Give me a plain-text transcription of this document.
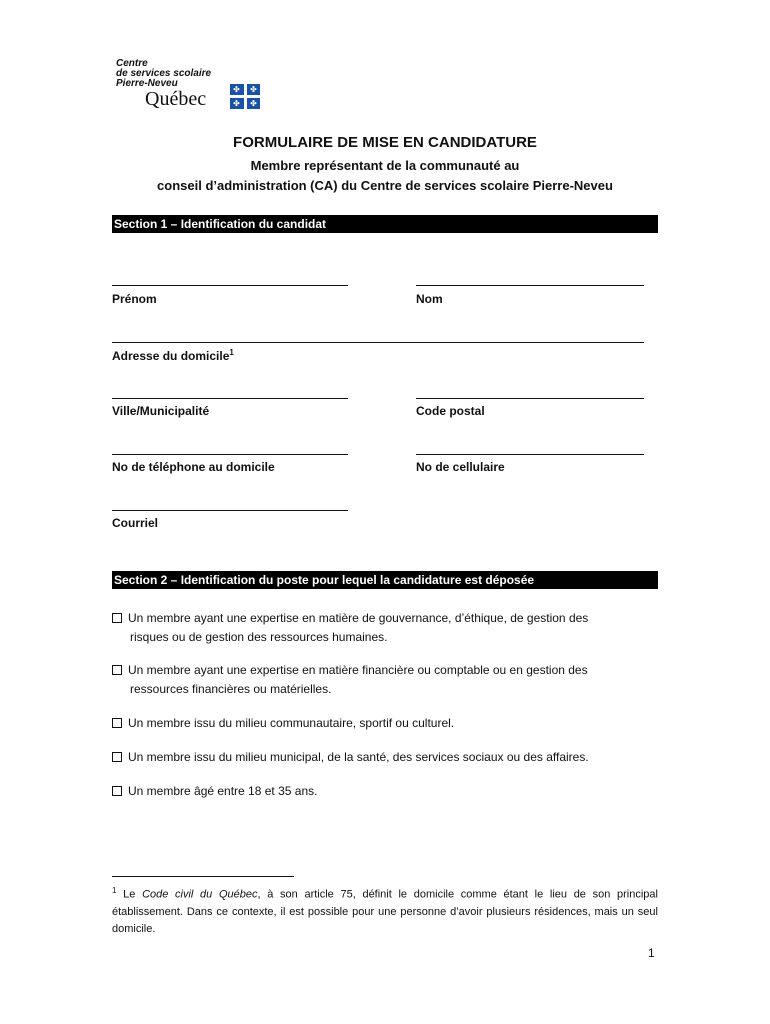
Centre
de services scolaire
Pierre-Neveu
Québec	✤	✤
✤	✤
FORMULAIRE DE MISE EN CANDIDATURE
Membre représentant de la communauté au
conseil d’administration (CA) du Centre de services scolaire Pierre-Neveu
Section 1 – Identification du candidat
Prénom	Nom
Adresse du domicile$^1$
Ville/Municipalité	Code postal
No de téléphone au domicile	No de cellulaire
Courriel
Section 2 – Identification du poste pour lequel la candidature est déposée
Un membre ayant une expertise en matière de gouvernance, d’éthique, de gestion des
risques ou de gestion des ressources humaines.
Un membre ayant une expertise en matière financière ou comptable ou en gestion des
ressources financières ou matérielles.
Un membre issu du milieu communautaire, sportif ou culturel.
Un membre issu du milieu municipal, de la santé, des services sociaux ou des affaires.
Un membre âgé entre 18 et 35 ans.
$^1$ Le Code civil du Québec, à son article 75, définit le domicile comme étant le lieu de son principal établissement. Dans ce contexte, il est possible pour une personne d’avoir plusieurs résidences, mais un seul domicile.
1
